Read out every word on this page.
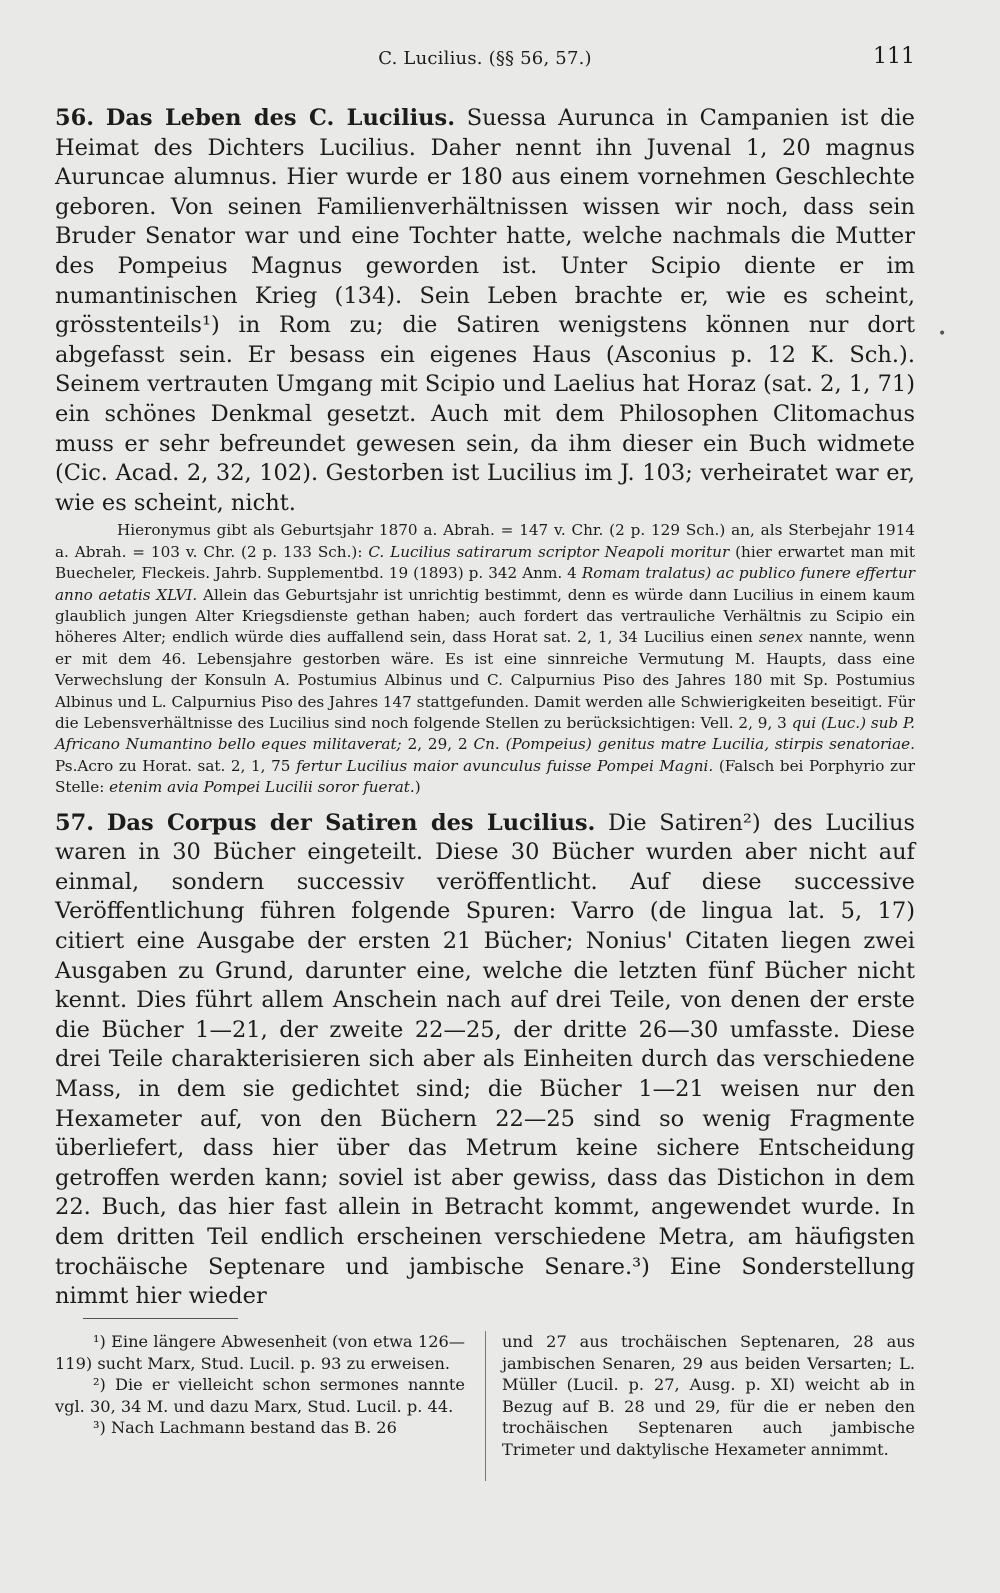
C. Lucilius. (§§ 56, 57.)	111
•

56. Das Leben des C. Lucilius. Suessa Aurunca in Campanien ist die Heimat des Dichters Lucilius. Daher nennt ihn Juvenal 1, 20 magnus Auruncae alumnus. Hier wurde er 180 aus einem vornehmen Geschlechte geboren. Von seinen Familienverhältnissen wissen wir noch, dass sein Bruder Senator war und eine Tochter hatte, welche nachmals die Mutter des Pompeius Magnus geworden ist. Unter Scipio diente er im numantinischen Krieg (134). Sein Leben brachte er, wie es scheint, grösstenteils¹) in Rom zu; die Satiren wenigstens können nur dort abgefasst sein. Er besass ein eigenes Haus (Asconius p. 12 K. Sch.). Seinem vertrauten Umgang mit Scipio und Laelius hat Horaz (sat. 2, 1, 71) ein schönes Denkmal gesetzt. Auch mit dem Philosophen Clitomachus muss er sehr befreundet gewesen sein, da ihm dieser ein Buch widmete (Cic. Acad. 2, 32, 102). Gestorben ist Lucilius im J. 103; verheiratet war er, wie es scheint, nicht.

Hieronymus gibt als Geburtsjahr 1870 a. Abrah. = 147 v. Chr. (2 p. 129 Sch.) an, als Sterbejahr 1914 a. Abrah. = 103 v. Chr. (2 p. 133 Sch.): C. Lucilius satirarum scriptor Neapoli moritur (hier erwartet man mit Buecheler, Fleckeis. Jahrb. Supplementbd. 19 (1893) p. 342 Anm. 4 Romam tralatus) ac publico funere effertur anno aetatis XLVI. Allein das Geburtsjahr ist unrichtig bestimmt, denn es würde dann Lucilius in einem kaum glaublich jungen Alter Kriegsdienste gethan haben; auch fordert das vertrauliche Verhältnis zu Scipio ein höheres Alter; endlich würde dies auffallend sein, dass Horat sat. 2, 1, 34 Lucilius einen senex nannte, wenn er mit dem 46. Lebensjahre gestorben wäre. Es ist eine sinnreiche Vermutung M. Haupts, dass eine Verwechslung der Konsuln A. Postumius Albinus und C. Calpurnius Piso des Jahres 180 mit Sp. Postumius Albinus und L. Calpurnius Piso des Jahres 147 stattgefunden. Damit werden alle Schwierigkeiten beseitigt. Für die Lebensverhältnisse des Lucilius sind noch folgende Stellen zu berücksichtigen: Vell. 2, 9, 3 qui (Luc.) sub P. Africano Numantino bello eques militaverat; 2, 29, 2 Cn. (Pompeius) genitus matre Lucilia, stirpis senatoriae. Ps.Acro zu Horat. sat. 2, 1, 75 fertur Lucilius maior avunculus fuisse Pompei Magni. (Falsch bei Porphyrio zur Stelle: etenim avia Pompei Lucilii soror fuerat.)

57. Das Corpus der Satiren des Lucilius. Die Satiren²) des Lucilius waren in 30 Bücher eingeteilt. Diese 30 Bücher wurden aber nicht auf einmal, sondern successiv veröffentlicht. Auf diese successive Veröffentlichung führen folgende Spuren: Varro (de lingua lat. 5, 17) citiert eine Ausgabe der ersten 21 Bücher; Nonius' Citaten liegen zwei Ausgaben zu Grund, darunter eine, welche die letzten fünf Bücher nicht kennt. Dies führt allem Anschein nach auf drei Teile, von denen der erste die Bücher 1—21, der zweite 22—25, der dritte 26—30 umfasste. Diese drei Teile charakterisieren sich aber als Einheiten durch das verschiedene Mass, in dem sie gedichtet sind; die Bücher 1—21 weisen nur den Hexameter auf, von den Büchern 22—25 sind so wenig Fragmente überliefert, dass hier über das Metrum keine sichere Entscheidung getroffen werden kann; soviel ist aber gewiss, dass das Distichon in dem 22. Buch, das hier fast allein in Betracht kommt, angewendet wurde. In dem dritten Teil endlich erscheinen verschiedene Metra, am häufigsten trochäische Septenare und jambische Senare.³) Eine Sonderstellung nimmt hier wieder

¹) Eine längere Abwesenheit (von etwa 126—119) sucht Marx, Stud. Lucil. p. 93 zu erweisen.

²) Die er vielleicht schon sermones nannte vgl. 30, 34 M. und dazu Marx, Stud. Lucil. p. 44.

³) Nach Lachmann bestand das B. 26

und 27 aus trochäischen Septenaren, 28 aus jambischen Senaren, 29 aus beiden Versarten; L. Müller (Lucil. p. 27, Ausg. p. XI) weicht ab in Bezug auf B. 28 und 29, für die er neben den trochäischen Septenaren auch jambische Trimeter und daktylische Hexameter annimmt.
